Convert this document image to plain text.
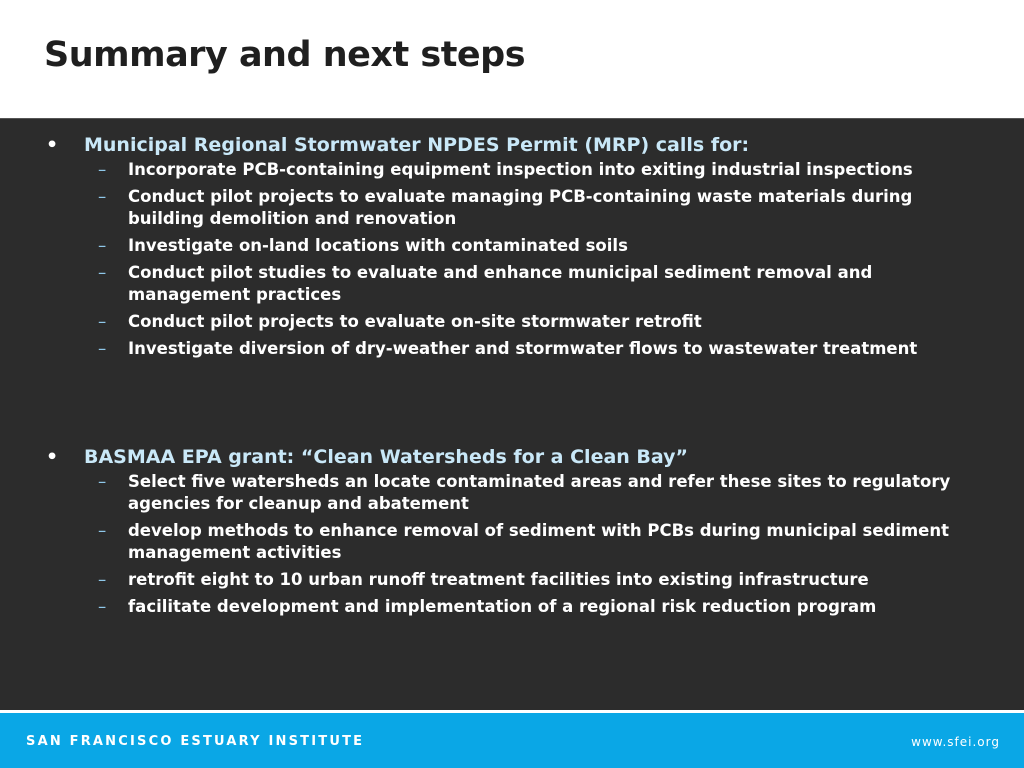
Summary and next steps
• Municipal Regional Stormwater NPDES Permit (MRP) calls for:
– Incorporate PCB-containing equipment inspection into exiting industrial inspections
– Conduct pilot projects to evaluate managing PCB-containing waste materials during building demolition and renovation
– Investigate on-land locations with contaminated soils
– Conduct pilot studies to evaluate and enhance municipal sediment removal and management practices
– Conduct pilot projects to evaluate on-site stormwater retrofit
– Investigate diversion of dry-weather and stormwater flows to wastewater treatment
• BASMAA EPA grant: “Clean Watersheds for a Clean Bay”
– Select five watersheds an locate contaminated areas and refer these sites to regulatory agencies for cleanup and abatement
– develop methods to enhance removal of sediment with PCBs during municipal sediment management activities
– retrofit eight to 10 urban runoff treatment facilities into existing infrastructure
– facilitate development and implementation of a regional risk reduction program
SAN FRANCISCO ESTUARY INSTITUTE	www.sfei.org
